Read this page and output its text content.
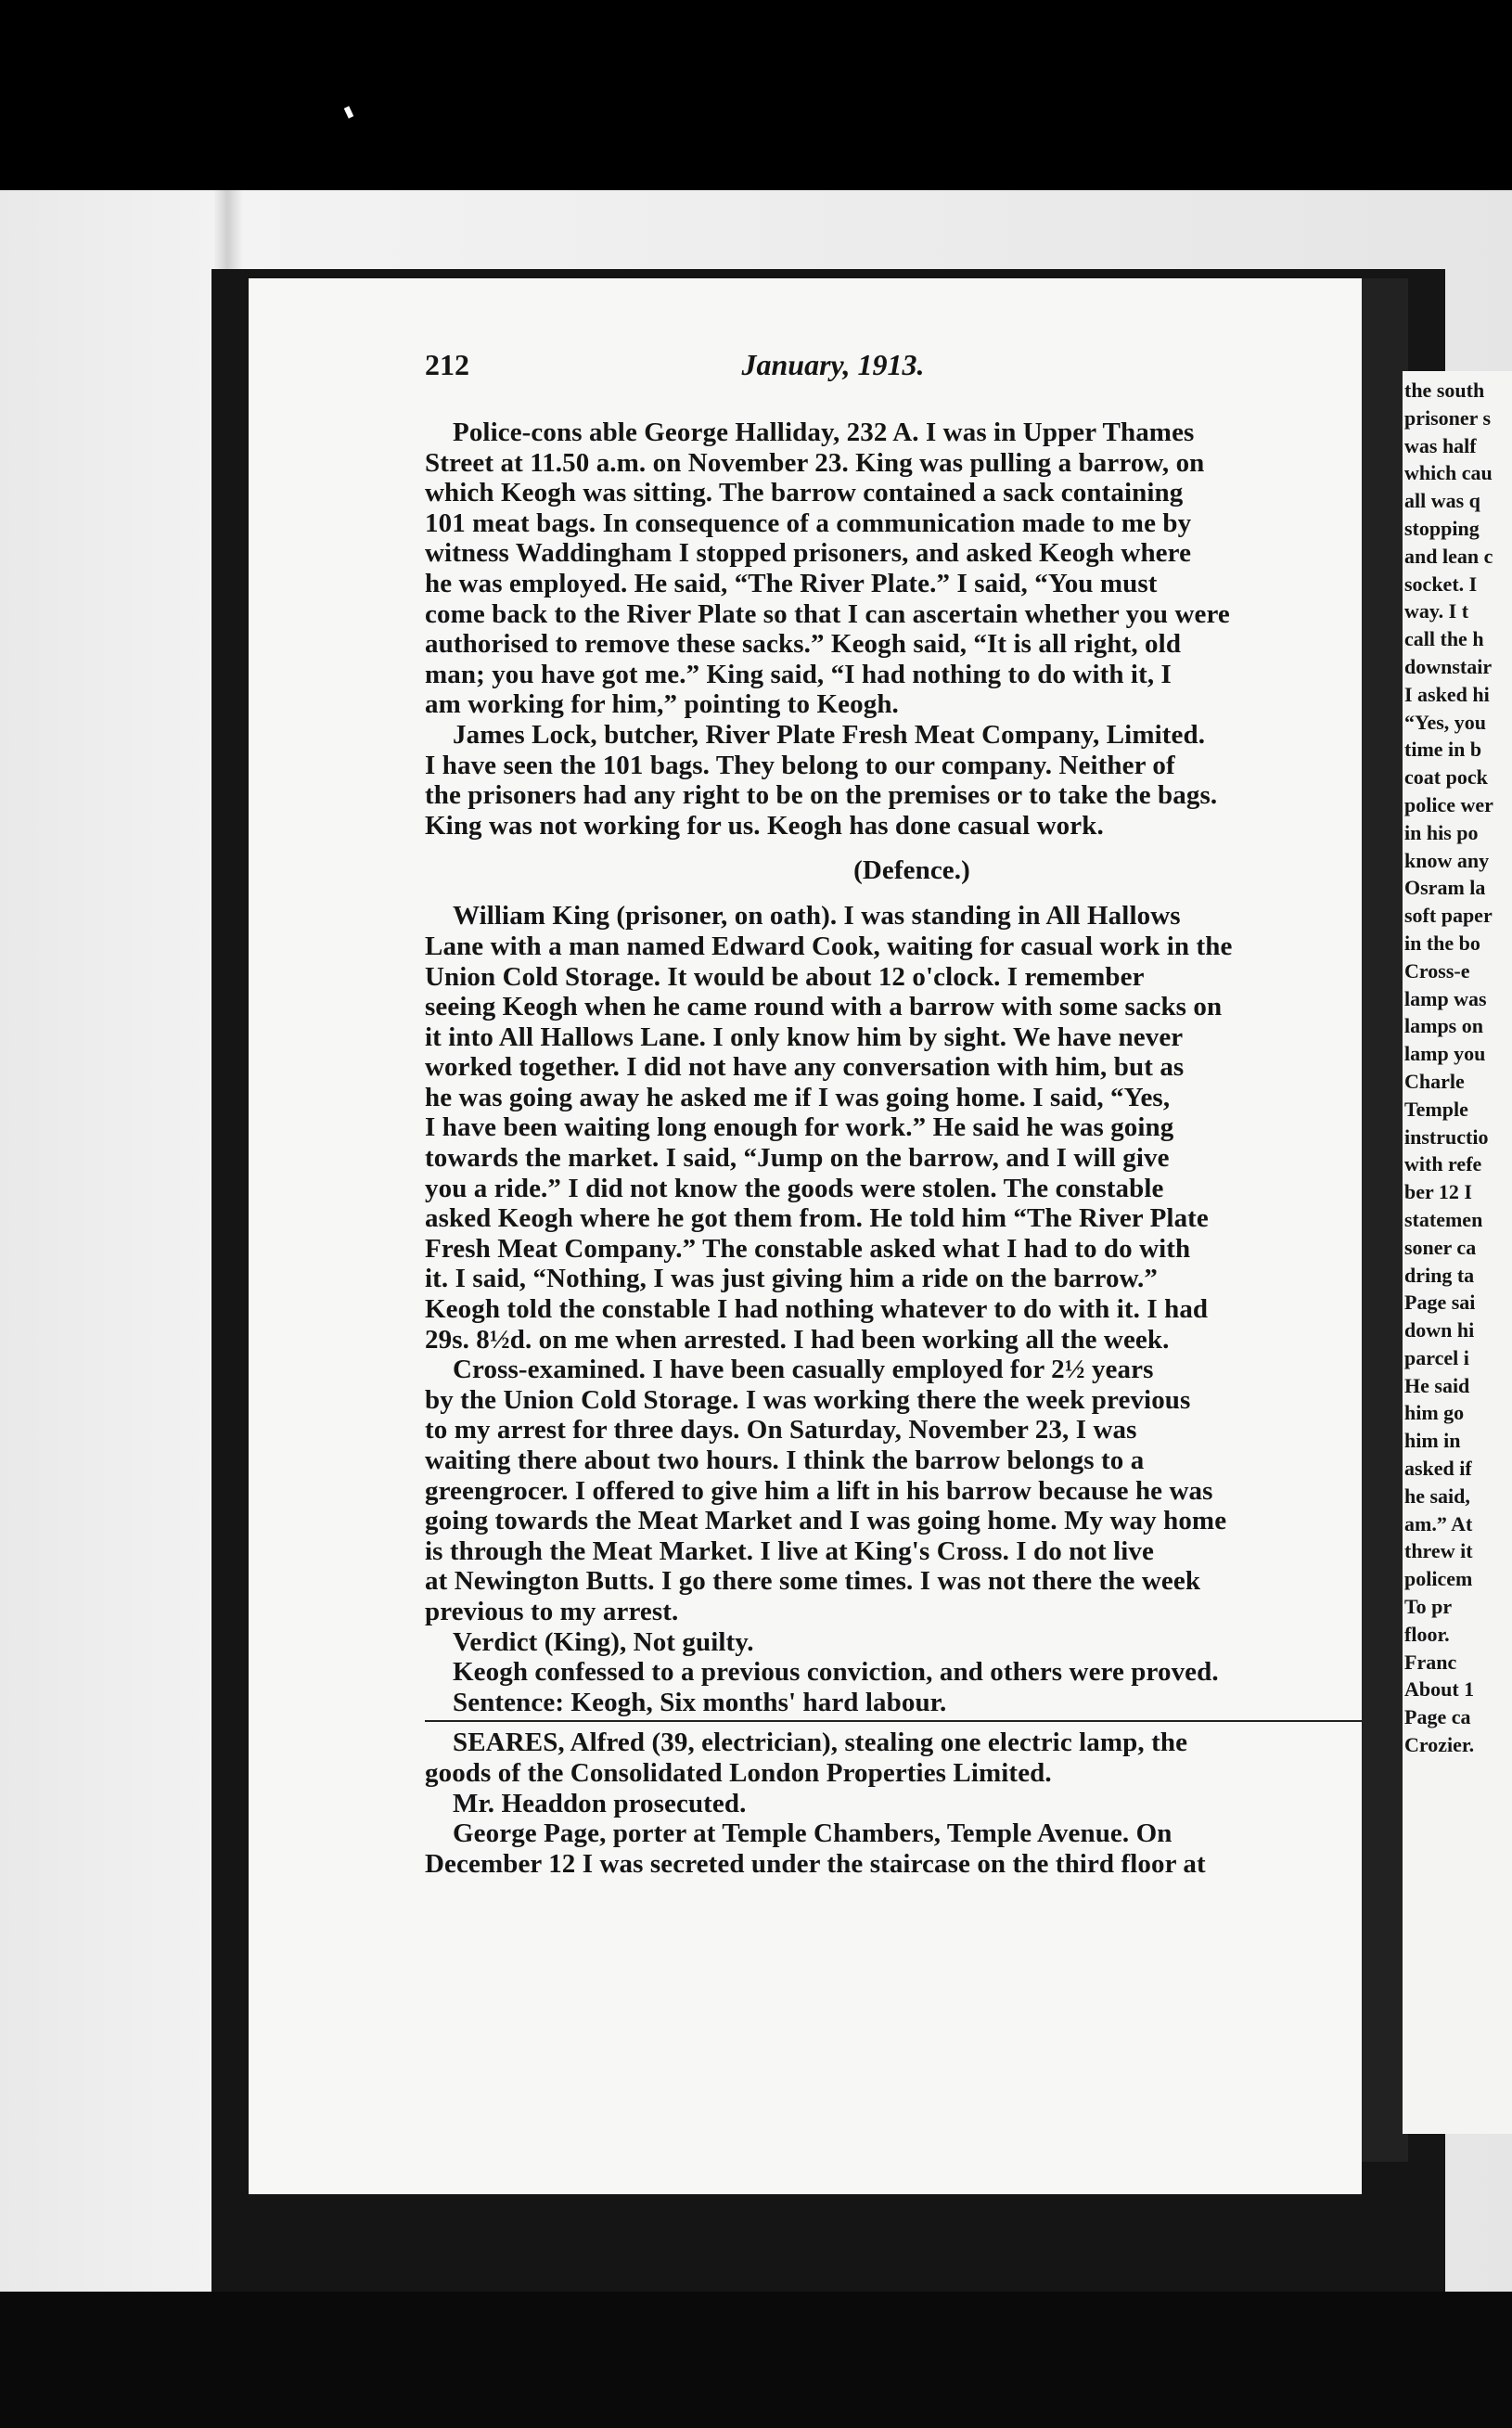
212	January, 1913.
Police-cons able George Halliday, 232 A. I was in Upper Thames
Street at 11.50 a.m. on November 23. King was pulling a barrow, on
which Keogh was sitting. The barrow contained a sack containing
101 meat bags. In consequence of a communication made to me by
witness Waddingham I stopped prisoners, and asked Keogh where
he was employed. He said, “The River Plate.” I said, “You must
come back to the River Plate so that I can ascertain whether you were
authorised to remove these sacks.” Keogh said, “It is all right, old
man; you have got me.” King said, “I had nothing to do with it, I
am working for him,” pointing to Keogh.
James Lock, butcher, River Plate Fresh Meat Company, Limited.
I have seen the 101 bags. They belong to our company. Neither of
the prisoners had any right to be on the premises or to take the bags.
King was not working for us. Keogh has done casual work.
(Defence.)
William King (prisoner, on oath). I was standing in All Hallows
Lane with a man named Edward Cook, waiting for casual work in the
Union Cold Storage. It would be about 12 o'clock. I remember
seeing Keogh when he came round with a barrow with some sacks on
it into All Hallows Lane. I only know him by sight. We have never
worked together. I did not have any conversation with him, but as
he was going away he asked me if I was going home. I said, “Yes,
I have been waiting long enough for work.” He said he was going
towards the market. I said, “Jump on the barrow, and I will give
you a ride.” I did not know the goods were stolen. The constable
asked Keogh where he got them from. He told him “The River Plate
Fresh Meat Company.” The constable asked what I had to do with
it. I said, “Nothing, I was just giving him a ride on the barrow.”
Keogh told the constable I had nothing whatever to do with it. I had
29s. 8½d. on me when arrested. I had been working all the week.
Cross-examined. I have been casually employed for 2½ years
by the Union Cold Storage. I was working there the week previous
to my arrest for three days. On Saturday, November 23, I was
waiting there about two hours. I think the barrow belongs to a
greengrocer. I offered to give him a lift in his barrow because he was
going towards the Meat Market and I was going home. My way home
is through the Meat Market. I live at King's Cross. I do not live
at Newington Butts. I go there some times. I was not there the week
previous to my arrest.
Verdict (King), Not guilty.
Keogh confessed to a previous conviction, and others were proved.
Sentence: Keogh, Six months' hard labour.
SEARES, Alfred (39, electrician), stealing one electric lamp, the
goods of the Consolidated London Properties Limited.
Mr. Headdon prosecuted.
George Page, porter at Temple Chambers, Temple Avenue. On
December 12 I was secreted under the staircase on the third floor at
the south
prisoner s
was half
which cau
all was q
stopping
and lean c
socket. I
way. I t
call the h
downstair
I asked hi
“Yes, you
time in b
coat pock
police wer
in his po
know any
Osram la
soft paper
in the bo
Cross-e
lamp was
lamps on
lamp you
Charle
Temple
instructio
with refe
ber 12 I
statemen
soner ca
dring ta
Page sai
down hi
parcel i
He said
him go
him in
asked if
he said,
am.” At
threw it
policem
To pr
floor.
Franc
About 1
Page ca
Crozier.
